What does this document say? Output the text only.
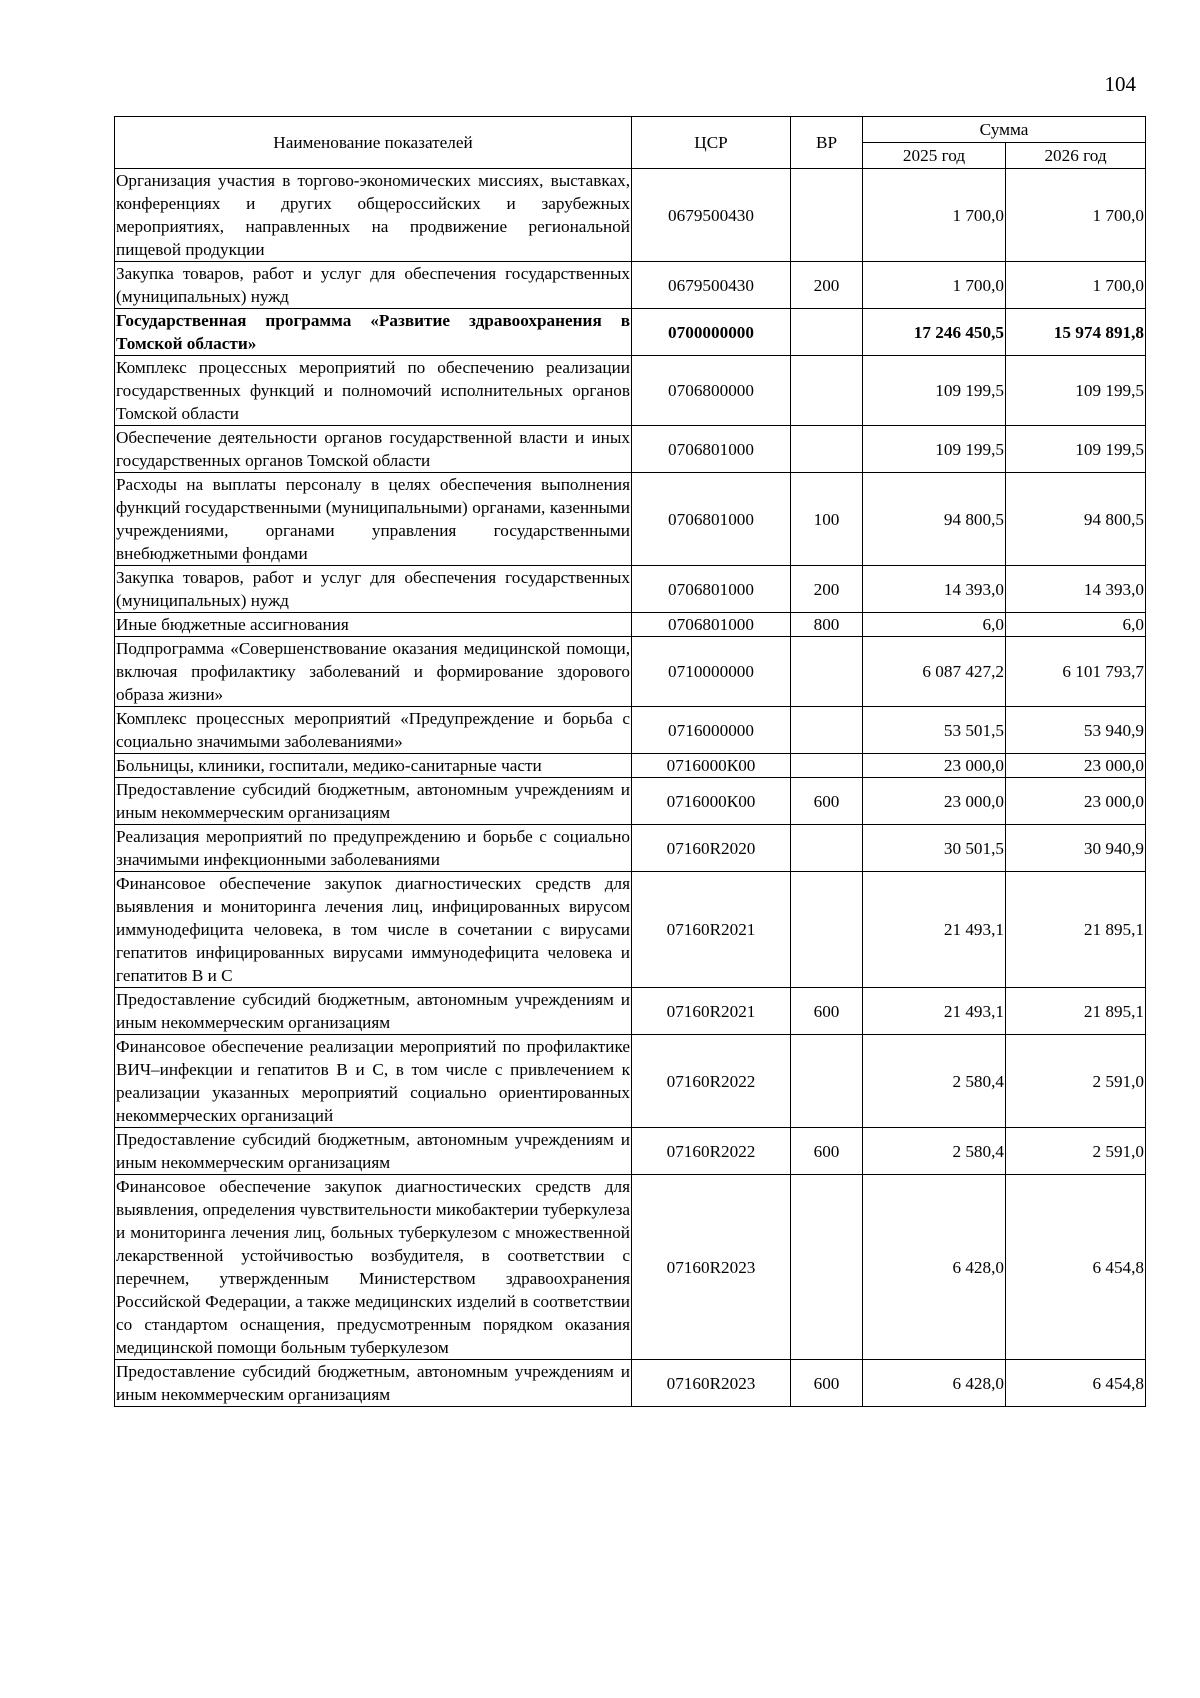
104
Наименование показателей	ЦСР	ВР	Сумма	
			2025 год	2026 год
Организация участия в торгово-экономических миссиях, выставках, конференциях и других общероссийских и зарубежных мероприятиях, направленных на продвижение региональной пищевой продукции	0679500430		1 700,0	1 700,0
Закупка товаров, работ и услуг для обеспечения государственных (муниципальных) нужд	0679500430	200	1 700,0	1 700,0
Государственная программа «Развитие здравоохранения в Томской области»	0700000000		17 246 450,5	15 974 891,8
Комплекс процессных мероприятий по обеспечению реализации государственных функций и полномочий исполнительных органов Томской области	0706800000		109 199,5	109 199,5
Обеспечение деятельности органов государственной власти и иных государственных органов Томской области	0706801000		109 199,5	109 199,5
Расходы на выплаты персоналу в целях обеспечения выполнения функций государственными (муниципальными) органами, казенными учреждениями, органами управления государственными внебюджетными фондами	0706801000	100	94 800,5	94 800,5
Закупка товаров, работ и услуг для обеспечения государственных (муниципальных) нужд	0706801000	200	14 393,0	14 393,0
Иные бюджетные ассигнования	0706801000	800	6,0	6,0
Подпрограмма «Совершенствование оказания медицинской помощи, включая профилактику заболеваний и формирование здорового образа жизни»	0710000000		6 087 427,2	6 101 793,7
Комплекс процессных мероприятий «Предупреждение и борьба с социально значимыми заболеваниями»	0716000000		53 501,5	53 940,9
Больницы, клиники, госпитали, медико-санитарные части	0716000К00		23 000,0	23 000,0
Предоставление субсидий бюджетным, автономным учреждениям и иным некоммерческим организациям	0716000К00	600	23 000,0	23 000,0
Реализация мероприятий по предупреждению и борьбе с социально значимыми инфекционными заболеваниями	07160R2020		30 501,5	30 940,9
Финансовое обеспечение закупок диагностических средств для выявления и мониторинга лечения лиц, инфицированных вирусом иммунодефицита человека, в том числе в сочетании с вирусами гепатитов инфицированных вирусами иммунодефицита человека и гепатитов В и С	07160R2021		21 493,1	21 895,1
Предоставление субсидий бюджетным, автономным учреждениям и иным некоммерческим организациям	07160R2021	600	21 493,1	21 895,1
Финансовое обеспечение реализации мероприятий по профилактике ВИЧ–инфекции и гепатитов В и С, в том числе с привлечением к реализации указанных мероприятий социально ориентированных некоммерческих организаций	07160R2022		2 580,4	2 591,0
Предоставление субсидий бюджетным, автономным учреждениям и иным некоммерческим организациям	07160R2022	600	2 580,4	2 591,0
Финансовое обеспечение закупок диагностических средств для выявления, определения чувствительности микобактерии туберкулеза и мониторинга лечения лиц, больных туберкулезом с множественной лекарственной устойчивостью возбудителя, в соответствии с перечнем, утвержденным Министерством здравоохранения Российской Федерации, а также медицинских изделий в соответствии со стандартом оснащения, предусмотренным порядком оказания медицинской помощи больным туберкулезом	07160R2023		6 428,0	6 454,8
Предоставление субсидий бюджетным, автономным учреждениям и иным некоммерческим организациям	07160R2023	600	6 428,0	6 454,8
